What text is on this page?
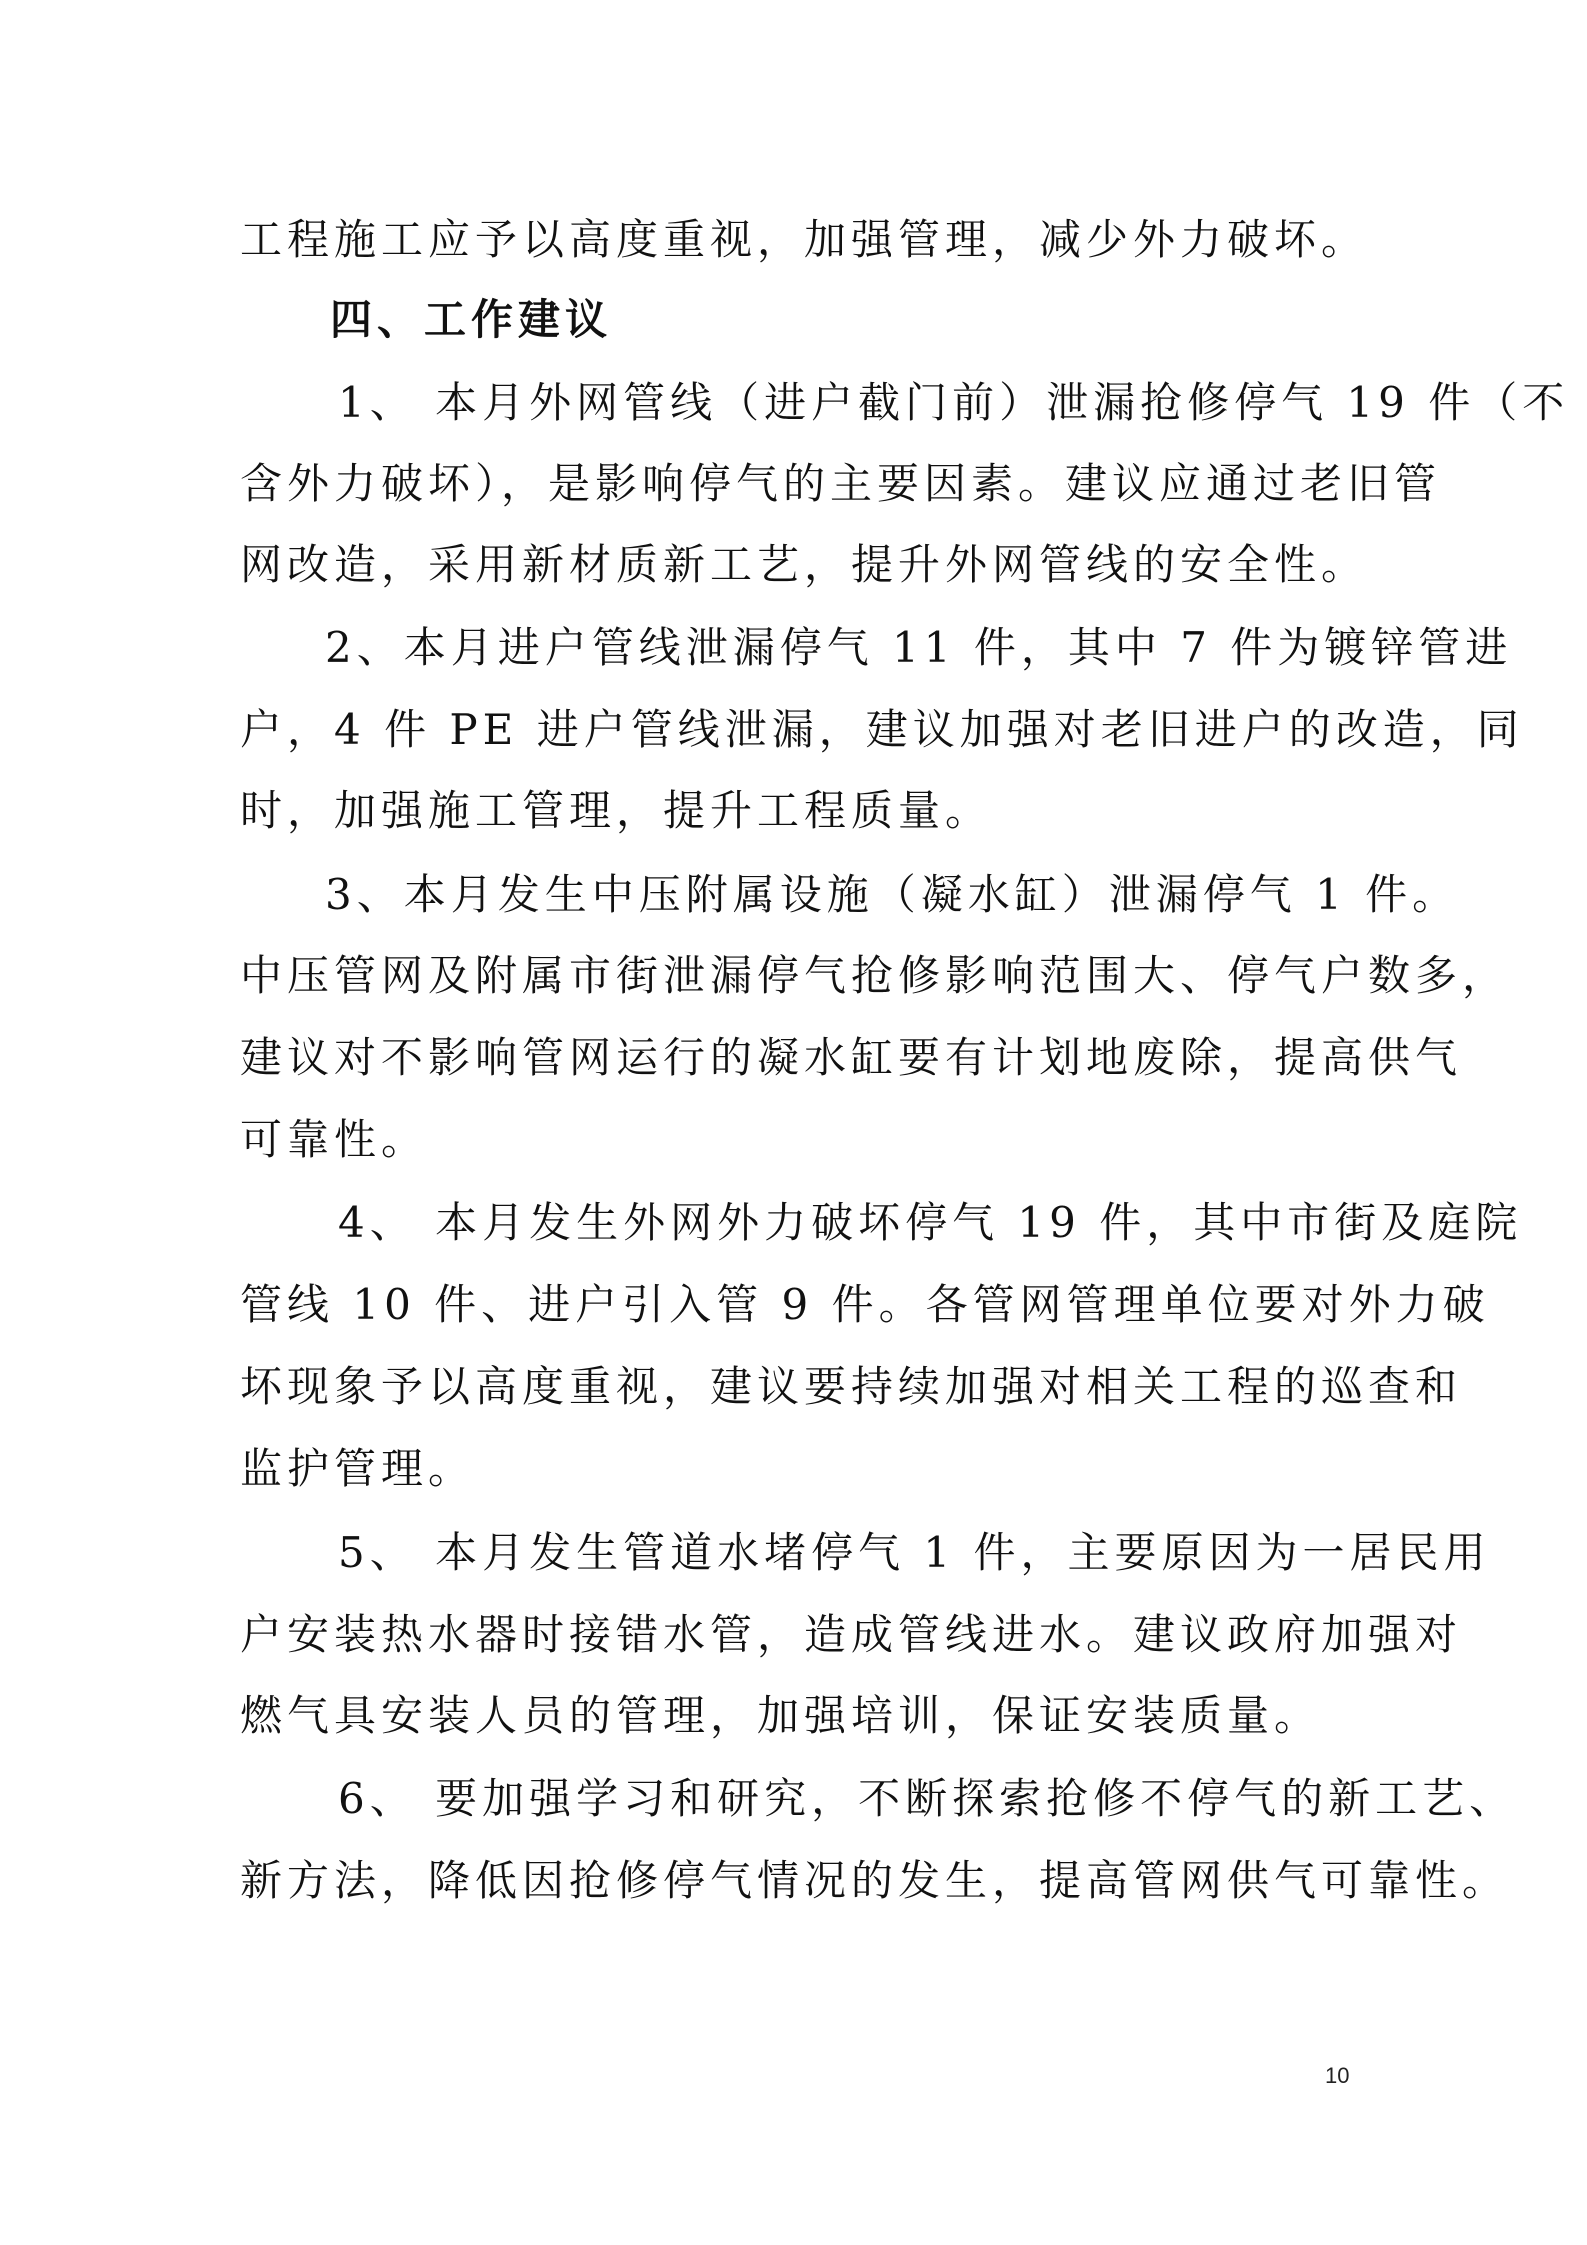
工程施工应予以高度重视，加强管理，减少外力破坏。
四、工作建议
1、 本月外网管线（进户截门前）泄漏抢修停气 19 件（不
含外力破坏），是影响停气的主要因素。建议应通过老旧管
网改造，采用新材质新工艺，提升外网管线的安全性。
2、本月进户管线泄漏停气 11 件，其中 7 件为镀锌管进
户，4 件 PE 进户管线泄漏，建议加强对老旧进户的改造，同
时，加强施工管理，提升工程质量。
3、本月发生中压附属设施（凝水缸）泄漏停气 1 件。
中压管网及附属市街泄漏停气抢修影响范围大、停气户数多，
建议对不影响管网运行的凝水缸要有计划地废除，提高供气
可靠性。
4、 本月发生外网外力破坏停气 19 件，其中市街及庭院
管线 10 件、进户引入管 9 件。各管网管理单位要对外力破
坏现象予以高度重视，建议要持续加强对相关工程的巡查和
监护管理。
5、 本月发生管道水堵停气 1 件，主要原因为一居民用
户安装热水器时接错水管，造成管线进水。建议政府加强对
燃气具安装人员的管理，加强培训，保证安装质量。
6、 要加强学习和研究，不断探索抢修不停气的新工艺、
新方法，降低因抢修停气情况的发生，提高管网供气可靠性。
10
